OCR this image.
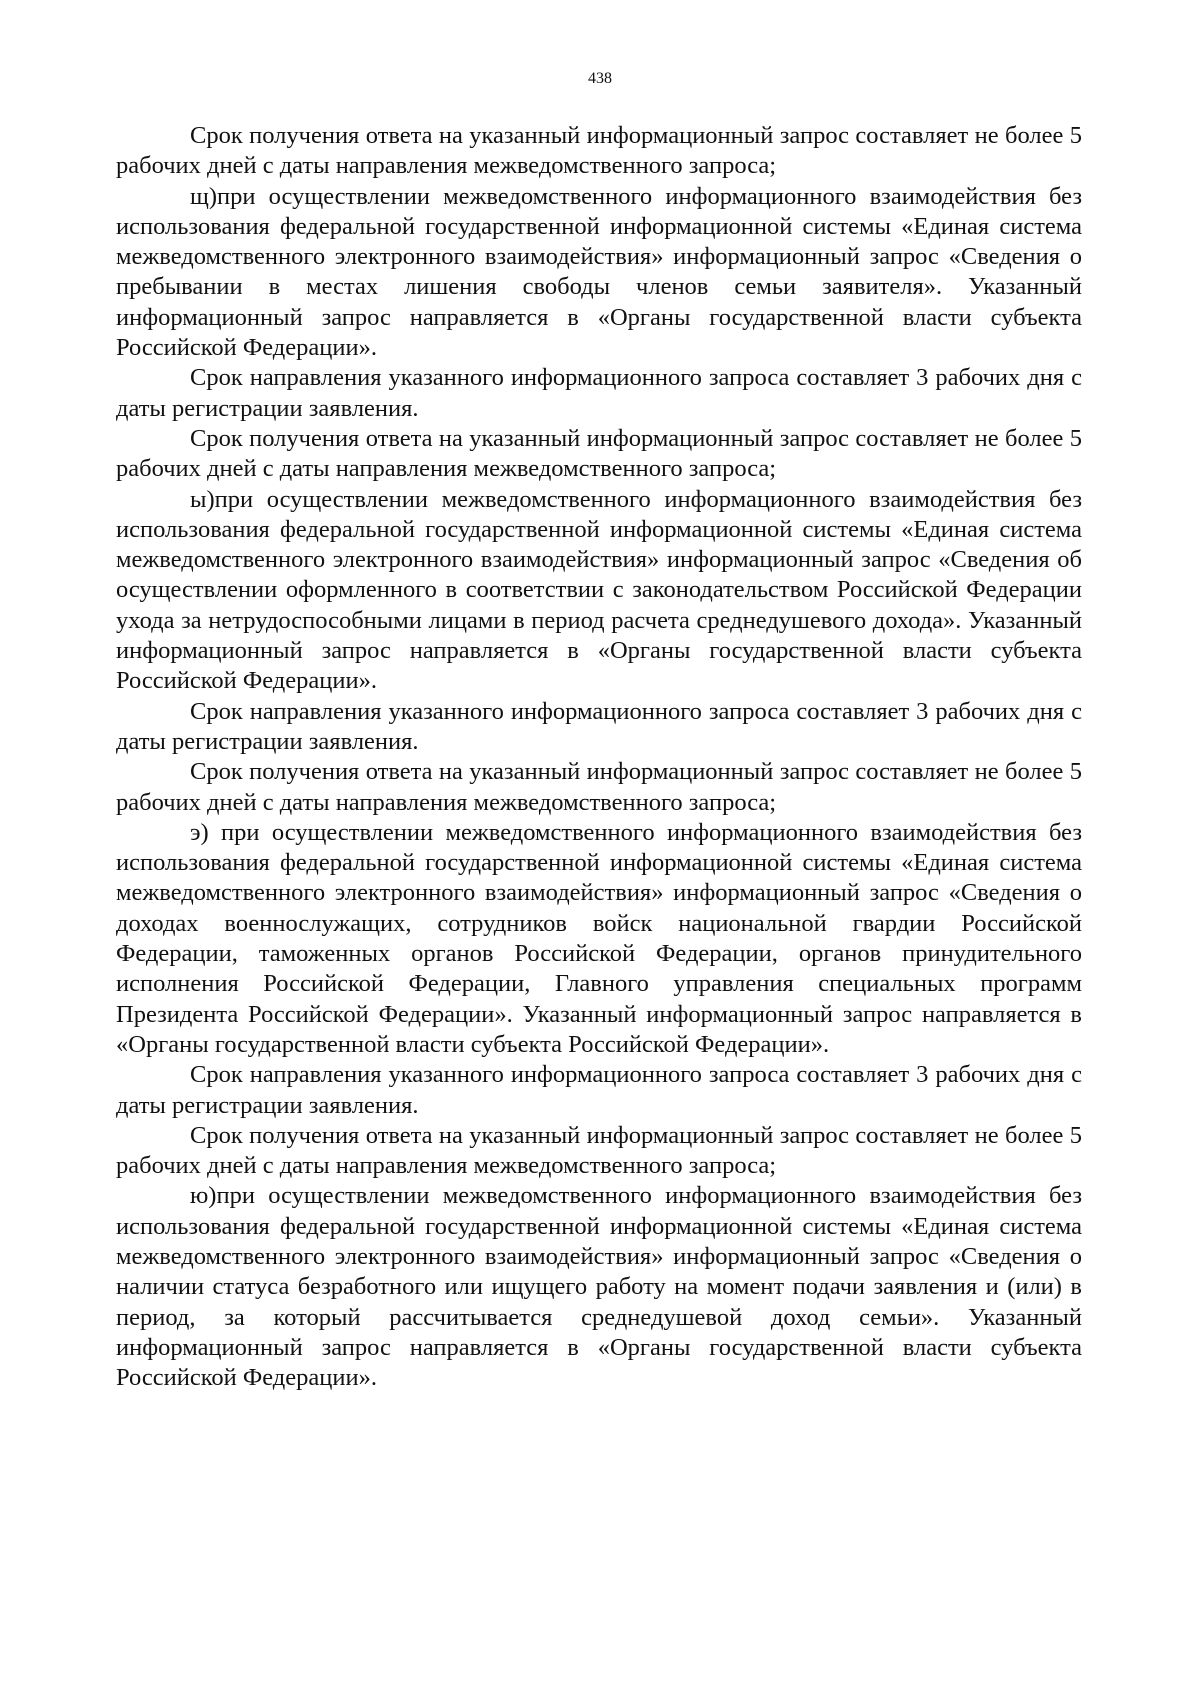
438

Срок получения ответа на указанный информационный запрос составляет не более 5 рабочих дней с даты направления межведомственного запроса;

щ)при осуществлении межведомственного информационного взаимодействия без использования федеральной государственной информационной системы «Единая система межведомственного электронного взаимодействия» информационный запрос «Сведения о пребывании в местах лишения свободы членов семьи заявителя». Указанный информационный запрос направляется в «Органы государственной власти субъекта Российской Федерации».

Срок направления указанного информационного запроса составляет 3 рабочих дня с даты регистрации заявления.

Срок получения ответа на указанный информационный запрос составляет не более 5 рабочих дней с даты направления межведомственного запроса;

ы)при осуществлении межведомственного информационного взаимодействия без использования федеральной государственной информационной системы «Единая система межведомственного электронного взаимодействия» информационный запрос «Сведения об осуществлении оформленного в соответствии с законодательством Российской Федерации ухода за нетрудоспособными лицами в период расчета среднедушевого дохода». Указанный информационный запрос направляется в «Органы государственной власти субъекта Российской Федерации».

Срок направления указанного информационного запроса составляет 3 рабочих дня с даты регистрации заявления.

Срок получения ответа на указанный информационный запрос составляет не более 5 рабочих дней с даты направления межведомственного запроса;

э) при осуществлении межведомственного информационного взаимодействия без использования федеральной государственной информационной системы «Единая система межведомственного электронного взаимодействия» информационный запрос «Сведения о доходах военнослужащих, сотрудников войск национальной гвардии Российской Федерации, таможенных органов Российской Федерации, органов принудительного исполнения Российской Федерации, Главного управления специальных программ Президента Российской Федерации». Указанный информационный запрос направляется в «Органы государственной власти субъекта Российской Федерации».

Срок направления указанного информационного запроса составляет 3 рабочих дня с даты регистрации заявления.

Срок получения ответа на указанный информационный запрос составляет не более 5 рабочих дней с даты направления межведомственного запроса;

ю)при осуществлении межведомственного информационного взаимодействия без использования федеральной государственной информационной системы «Единая система межведомственного электронного взаимодействия» информационный запрос «Сведения о наличии статуса безработного или ищущего работу на момент подачи заявления и (или) в период, за который рассчитывается среднедушевой доход семьи». Указанный информационный запрос направляется в «Органы государственной власти субъекта Российской Федерации».
